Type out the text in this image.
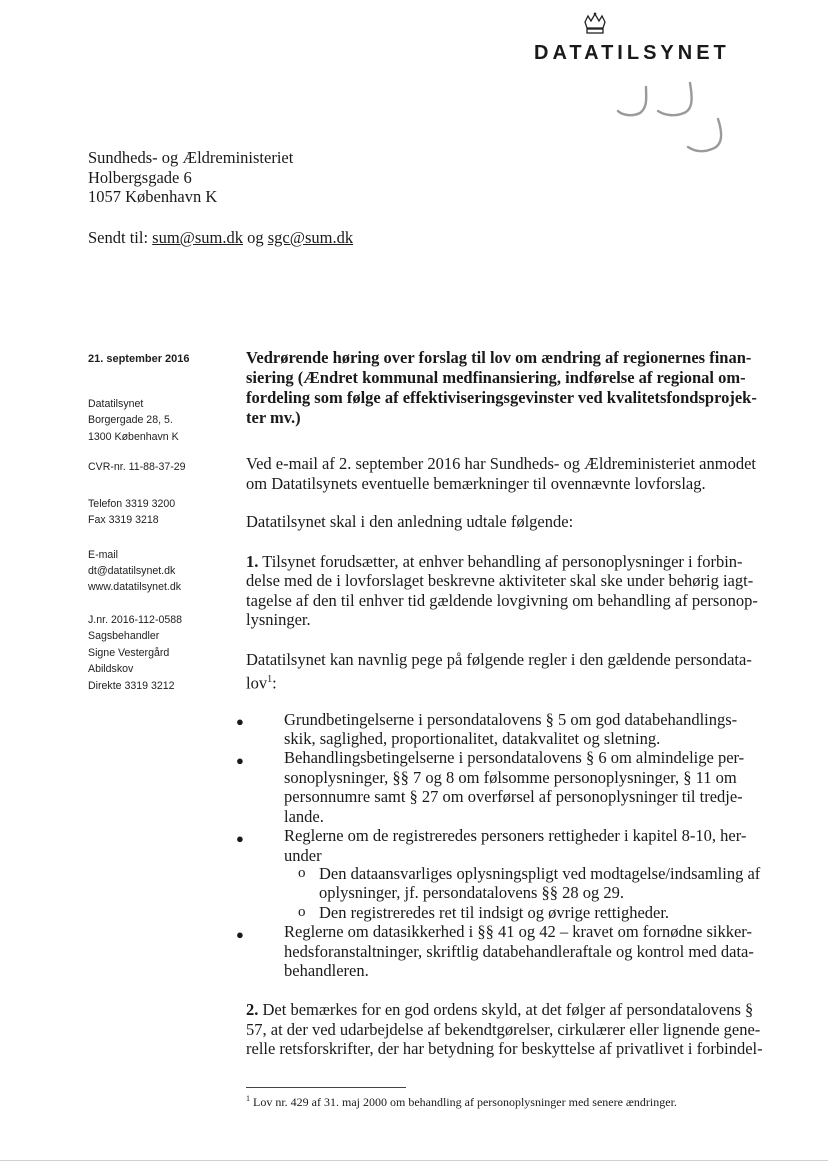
DATATILSYNET
Sundheds- og Ældreministeriet
Holbergsgade 6
1057 København K
Sendt til: sum@sum.dk og sgc@sum.dk
21. september 2016
Datatilsynet
Borgergade 28, 5.
1300 København K
CVR-nr. 11-88-37-29
Telefon 3319 3200
Fax 3319 3218
E-mail
dt@datatilsynet.dk
www.datatilsynet.dk
J.nr. 2016-112-0588
Sagsbehandler
Signe Vestergård
Abildskov
Direkte 3319 3212
Vedrørende høring over forslag til lov om ændring af regionernes finan-
siering (Ændret kommunal medfinansiering, indførelse af regional om-
fordeling som følge af effektiviseringsgevinster ved kvalitetsfondsprojek-
ter mv.)
Ved e-mail af 2. september 2016 har Sundheds- og Ældreministeriet anmodet
om Datatilsynets eventuelle bemærkninger til ovennævnte lovforslag.
Datatilsynet skal i den anledning udtale følgende:
1. Tilsynet forudsætter, at enhver behandling af personoplysninger i forbin-
delse med de i lovforslaget beskrevne aktiviteter skal ske under behørig iagt-
tagelse af den til enhver tid gældende lovgivning om behandling af personop-
lysninger.
Datatilsynet kan navnlig pege på følgende regler i den gældende persondata-
lov$^1$:
● Grundbetingelserne i persondatalovens § 5 om god databehandlings-
skik, saglighed, proportionalitet, datakvalitet og sletning.
● Behandlingsbetingelserne i persondatalovens § 6 om almindelige per-
sonoplysninger, §§ 7 og 8 om følsomme personoplysninger, § 11 om
personnumre samt § 27 om overførsel af personoplysninger til tredje-
lande.
● Reglerne om de registreredes personers rettigheder i kapitel 8-10, her-
under
o Den dataansvarliges oplysningspligt ved modtagelse/indsamling af
oplysninger, jf. persondatalovens §§ 28 og 29.
o Den registreredes ret til indsigt og øvrige rettigheder.
● Reglerne om datasikkerhed i §§ 41 og 42 – kravet om fornødne sikker-
hedsforanstaltninger, skriftlig databehandleraftale og kontrol med data-
behandleren.
2. Det bemærkes for en god ordens skyld, at det følger af persondatalovens §
57, at der ved udarbejdelse af bekendtgørelser, cirkulærer eller lignende gene-
relle retsforskrifter, der har betydning for beskyttelse af privatlivet i forbindel-
$^1$ Lov nr. 429 af 31. maj 2000 om behandling af personoplysninger med senere ændringer.
